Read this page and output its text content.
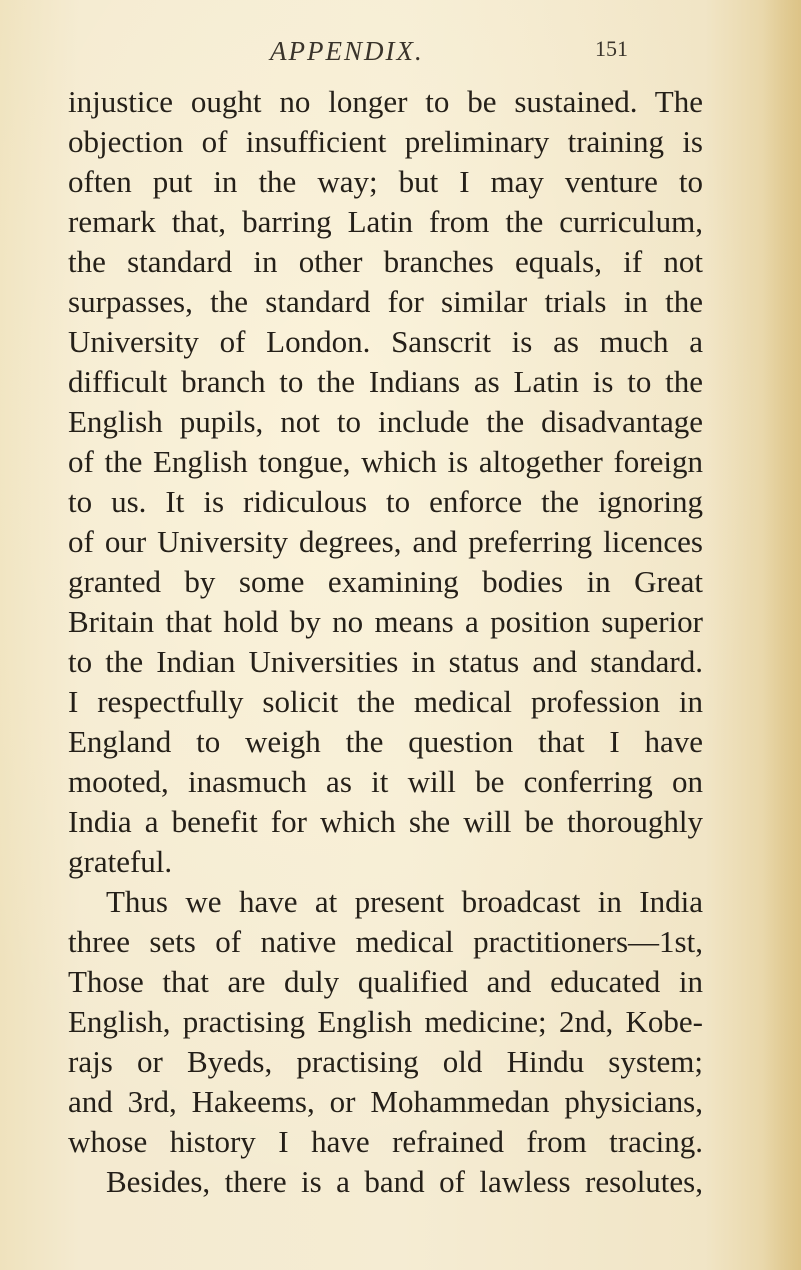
APPENDIX.	151
injustice ought no longer to be sustained. The
objection of insufficient preliminary training is
often put in the way; but I may venture to
remark that, barring Latin from the curriculum,
the standard in other branches equals, if not
surpasses, the standard for similar trials in the
University of London. Sanscrit is as much a
difficult branch to the Indians as Latin is to the
English pupils, not to include the disadvantage
of the English tongue, which is altogether foreign
to us. It is ridiculous to enforce the ignoring
of our University degrees, and preferring licences
granted by some examining bodies in Great
Britain that hold by no means a position superior
to the Indian Universities in status and standard.
I respectfully solicit the medical profession in
England to weigh the question that I have
mooted, inasmuch as it will be conferring on
India a benefit for which she will be thoroughly
grateful.
Thus we have at present broadcast in India
three sets of native medical practitioners—1st,
Those that are duly qualified and educated in
English, practising English medicine; 2nd, Kobe-
rajs or Byeds, practising old Hindu system;
and 3rd, Hakeems, or Mohammedan physicians,
whose history I have refrained from tracing.
Besides, there is a band of lawless resolutes,
